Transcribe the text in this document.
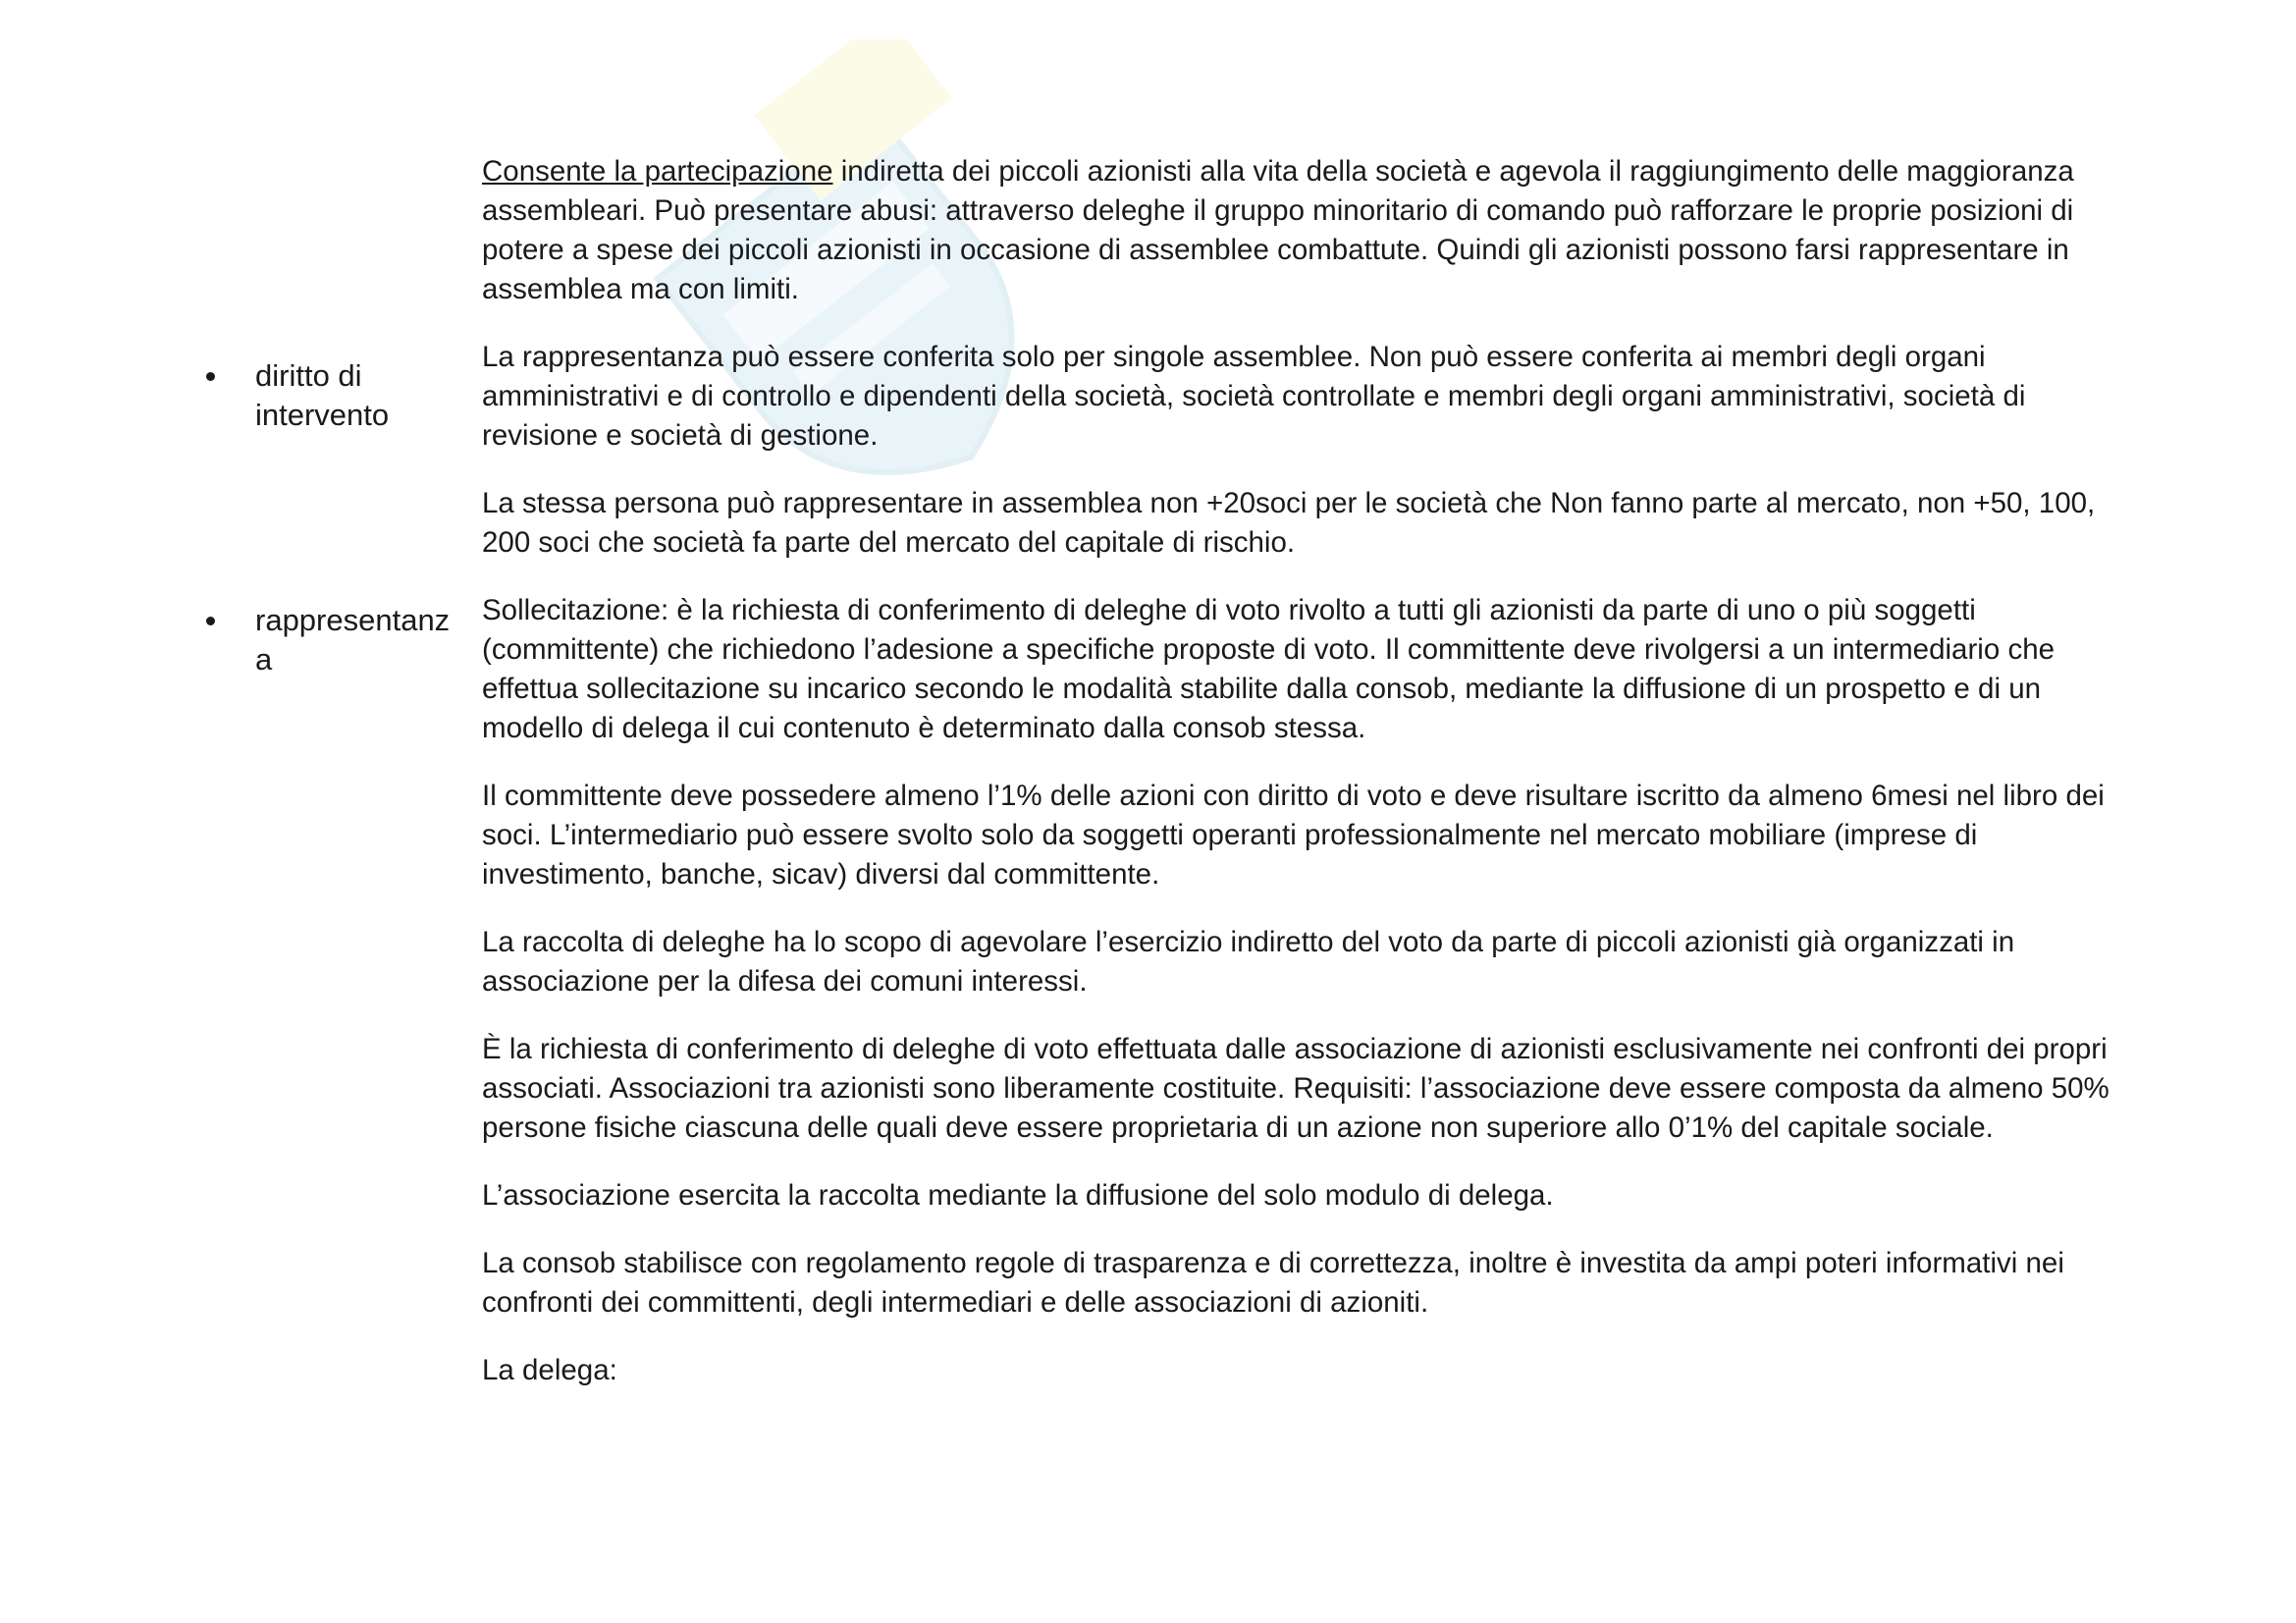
diritto di intervento
rappresentanza

Consente la partecipazione indiretta dei piccoli azionisti alla vita della società e agevola il raggiungimento delle maggioranza assembleari. Può presentare abusi: attraverso deleghe il gruppo minoritario di comando può rafforzare le proprie posizioni di potere a spese dei piccoli azionisti in occasione di assemblee combattute. Quindi gli azionisti possono farsi rappresentare in assemblea ma con limiti.

La rappresentanza può essere conferita solo per singole assemblee. Non può essere conferita ai membri degli organi amministrativi e di controllo e dipendenti della società, società controllate e membri degli organi amministrativi, società di revisione e società di gestione.

La stessa persona può rappresentare in assemblea non +20soci per le società che Non fanno parte al mercato, non +50, 100, 200 soci che società fa parte del mercato del capitale di rischio.

Sollecitazione: è la richiesta di conferimento di deleghe di voto rivolto a tutti gli azionisti da parte di uno o più soggetti (committente) che richiedono l’adesione a specifiche proposte di voto. Il committente deve rivolgersi a un intermediario che effettua sollecitazione su incarico secondo le modalità stabilite dalla consob, mediante la diffusione di un prospetto e di un modello di delega il cui contenuto è determinato dalla consob stessa.

Il committente deve possedere almeno l’1% delle azioni con diritto di voto e deve risultare iscritto da almeno 6mesi nel libro dei soci. L’intermediario può essere svolto solo da soggetti operanti professionalmente nel mercato mobiliare (imprese di investimento, banche, sicav) diversi dal committente.

La raccolta di deleghe ha lo scopo di agevolare l’esercizio indiretto del voto da parte di piccoli azionisti già organizzati in associazione per la difesa dei comuni interessi.

È la richiesta di conferimento di deleghe di voto effettuata dalle associazione di azionisti esclusivamente nei confronti dei propri associati. Associazioni tra azionisti sono liberamente costituite. Requisiti: l’associazione deve essere composta da almeno 50% persone fisiche ciascuna delle quali deve essere proprietaria di un azione non superiore allo 0’1% del capitale sociale.

L’associazione esercita la raccolta mediante la diffusione del solo modulo di delega.

La consob stabilisce con regolamento regole di trasparenza e di correttezza, inoltre è investita da ampi poteri informativi nei confronti dei committenti, degli intermediari e delle associazioni di azioniti.

La delega:
